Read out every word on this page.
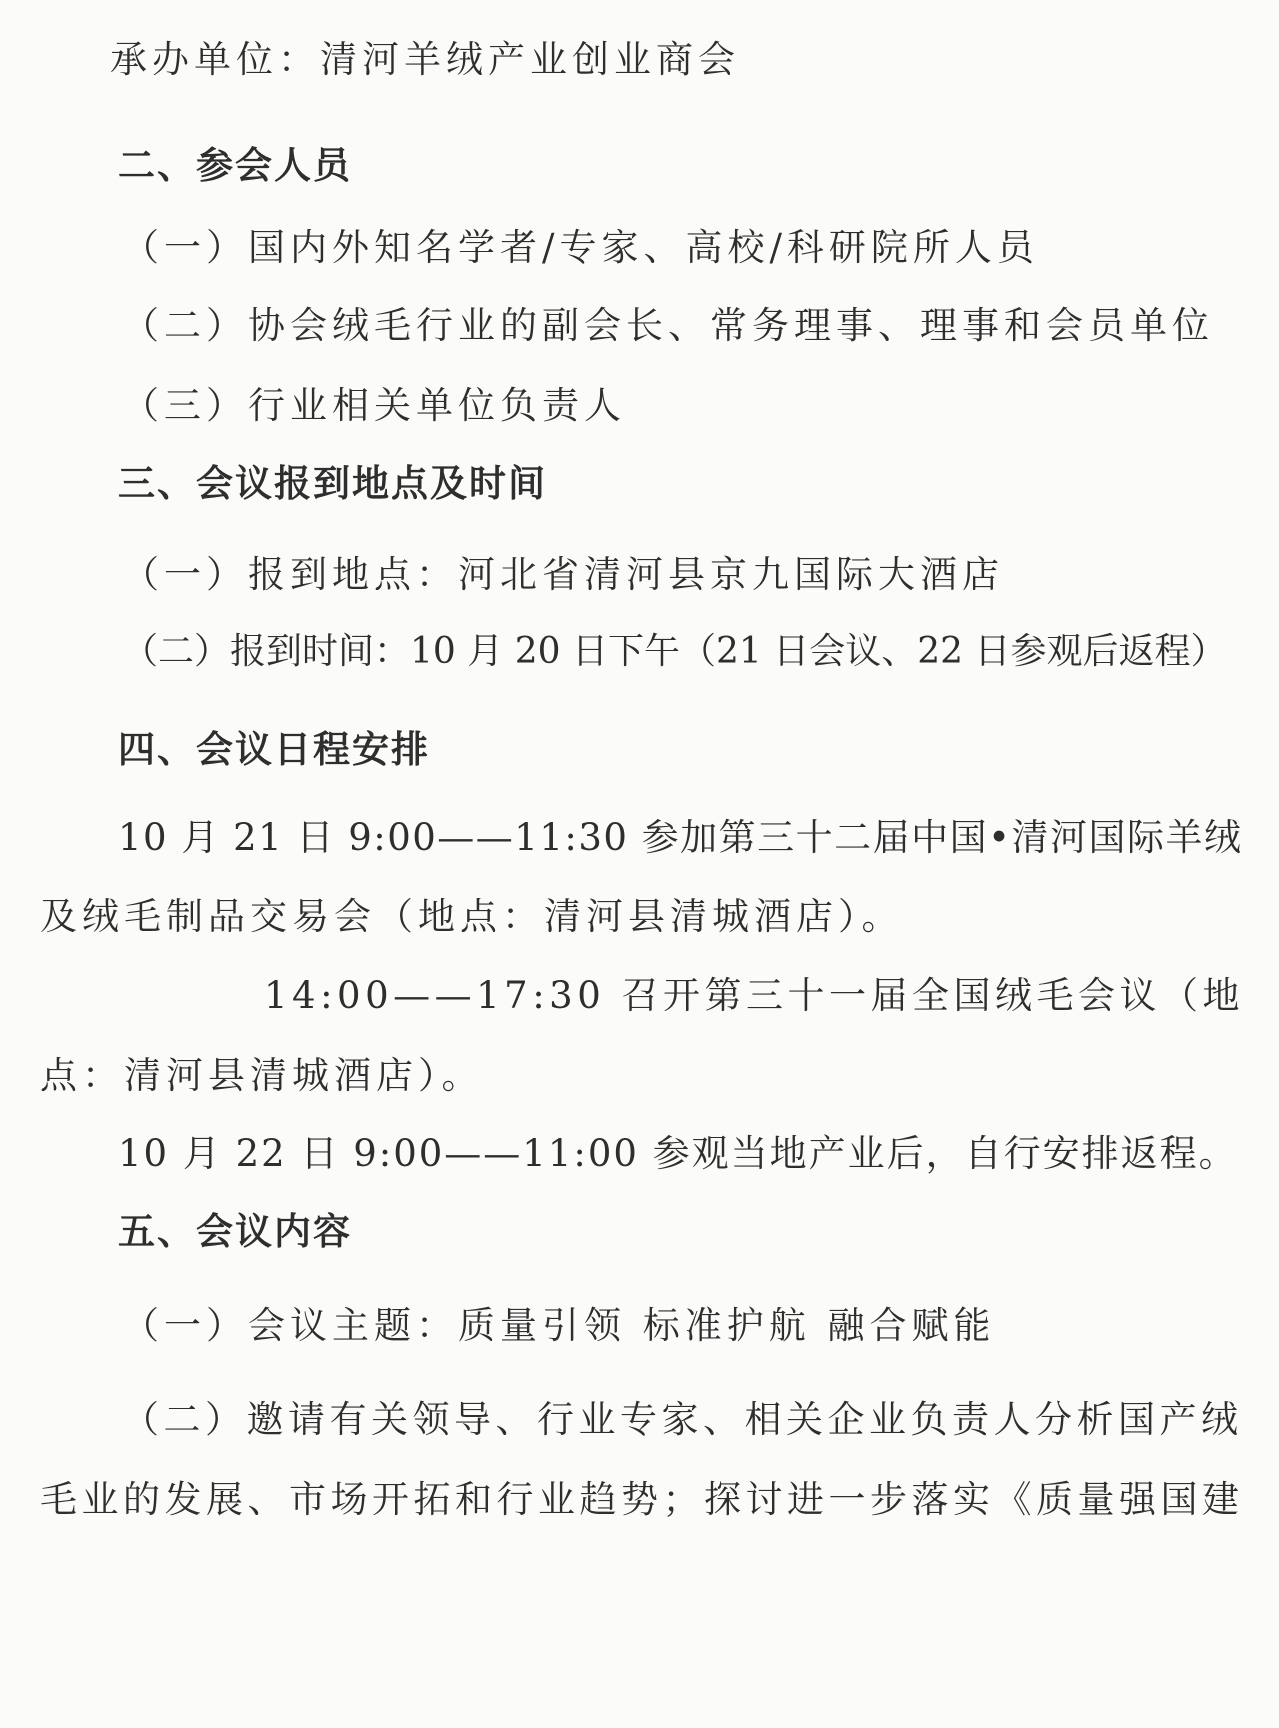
承办单位：清河羊绒产业创业商会
二、参会人员
（一）国内外知名学者/专家、高校/科研院所人员
（二）协会绒毛行业的副会长、常务理事、理事和会员单位
（三）行业相关单位负责人
三、会议报到地点及时间
（一）报到地点：河北省清河县京九国际大酒店
（二）报到时间：10 月 20 日下午（21 日会议、22 日参观后返程）
四、会议日程安排
10 月 21 日 9:00——11:30 参加第三十二届中国•清河国际羊绒
及绒毛制品交易会（地点：清河县清城酒店）。
14:00——17:30 召开第三十一届全国绒毛会议（地
点：清河县清城酒店）。
10 月 22 日 9:00——11:00 参观当地产业后，自行安排返程。
五、会议内容
（一）会议主题：质量引领 标准护航 融合赋能
（二）邀请有关领导、行业专家、相关企业负责人分析国产绒
毛业的发展、市场开拓和行业趋势；探讨进一步落实《质量强国建
